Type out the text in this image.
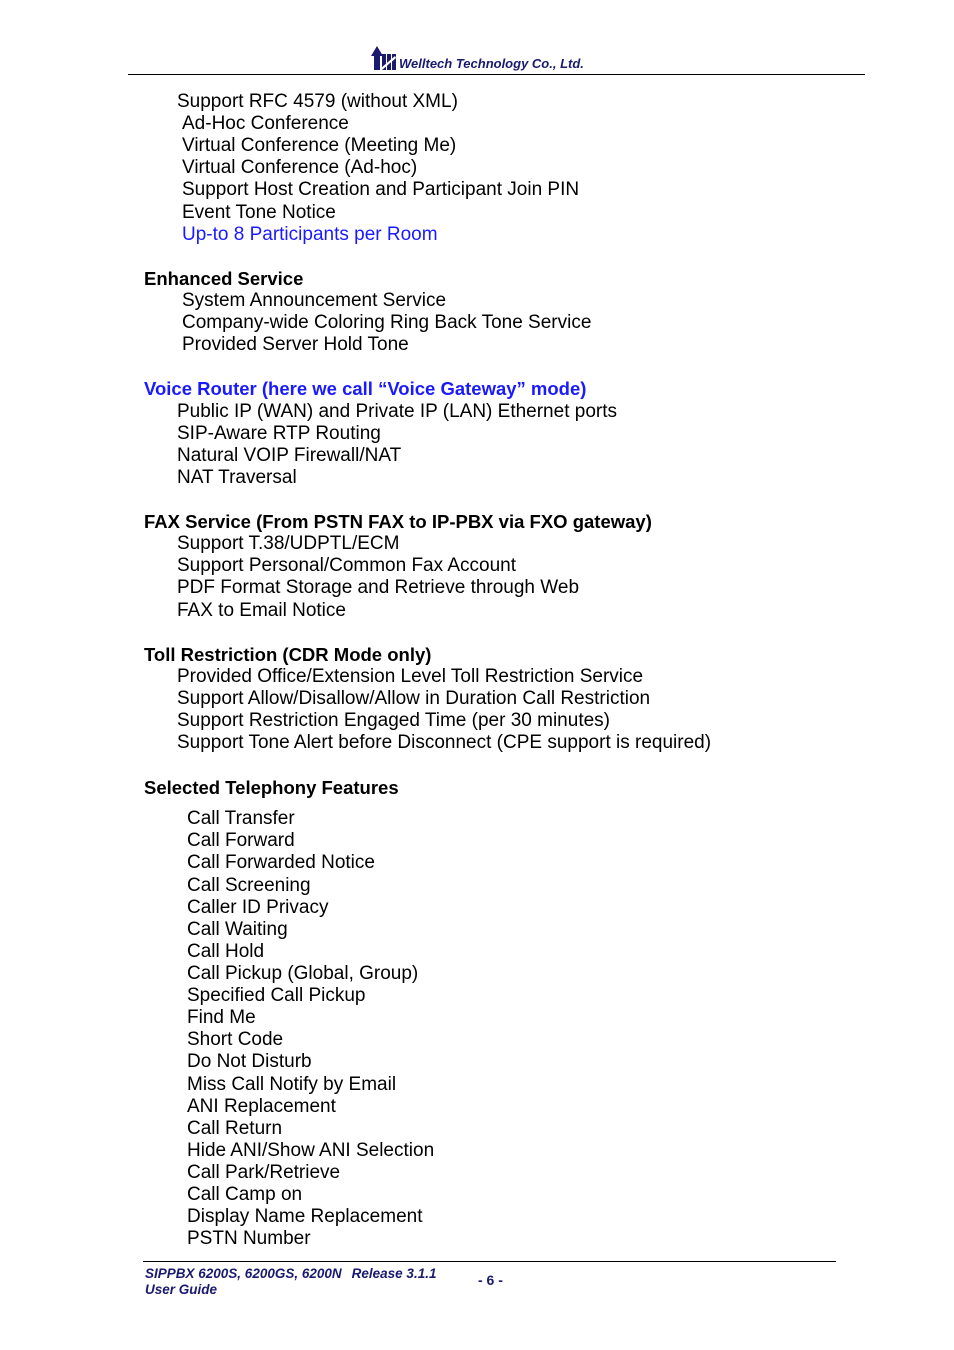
Welltech Technology Co., Ltd.
Support RFC 4579 (without XML)
Ad-Hoc Conference
Virtual Conference (Meeting Me)
Virtual Conference (Ad-hoc)
Support Host Creation and Participant Join PIN
Event Tone Notice
Up-to 8 Participants per Room
Enhanced Service
System Announcement Service
Company-wide Coloring Ring Back Tone Service
Provided Server Hold Tone
Voice Router (here we call “Voice Gateway” mode)
Public IP (WAN) and Private IP (LAN) Ethernet ports
SIP-Aware RTP Routing
Natural VOIP Firewall/NAT
NAT Traversal
FAX Service (From PSTN FAX to IP-PBX via FXO gateway)
Support T.38/UDPTL/ECM
Support Personal/Common Fax Account
PDF Format Storage and Retrieve through Web
FAX to Email Notice
Toll Restriction (CDR Mode only)
Provided Office/Extension Level Toll Restriction Service
Support Allow/Disallow/Allow in Duration Call Restriction
Support Restriction Engaged Time (per 30 minutes)
Support Tone Alert before Disconnect (CPE support is required)
Selected Telephony Features
Call Transfer
Call Forward
Call Forwarded Notice
Call Screening
Caller ID Privacy
Call Waiting
Call Hold
Call Pickup (Global, Group)
Specified Call Pickup
Find Me
Short Code
Do Not Disturb
Miss Call Notify by Email
ANI Replacement
Call Return
Hide ANI/Show ANI Selection
Call Park/Retrieve
Call Camp on
Display Name Replacement
PSTN Number
SIPPBX 6200S, 6200GS, 6200N Release 3.1.1
User Guide
- 6 -
